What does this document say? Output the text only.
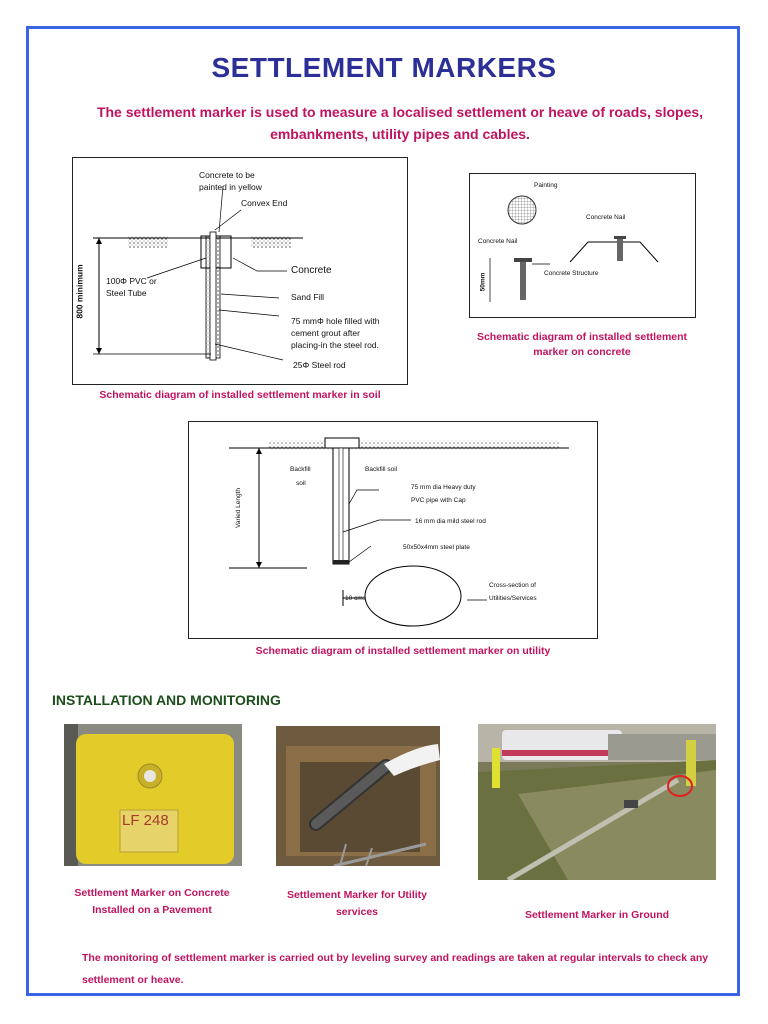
SETTLEMENT MARKERS
The settlement marker is used to measure a localised settlement or heave of roads, slopes, embankments, utility pipes and cables.
Concrete to be
painted in yellow
Convex End
Concrete
100Φ PVC or
Steel Tube	Sand Fill
75 mmΦ hole filled with
cement grout after
placing-in the steel rod.
25Φ Steel rod
800 minimum
Schematic diagram of installed settlement marker in soil
Painting
Concrete Nail
Concrete Nail
Concrete Structure
50mm
Schematic diagram of installed settlement
marker on concrete
Backfill
soil
Backfill soil
75 mm dia Heavy duty
PVC pipe with Cap
16 mm dia mild steel rod
50x50x4mm steel plate
Cross-section of
Utilities/Services
10 cms
Varied Length
Schematic diagram of installed settlement marker on utility
INSTALLATION AND MONITORING
LF 248
Settlement Marker on Concrete
Installed on a Pavement
Settlement Marker for Utility
services	Settlement Marker in Ground
The monitoring of settlement marker is carried out by leveling survey and readings are taken at regular intervals to check any settlement or heave.
